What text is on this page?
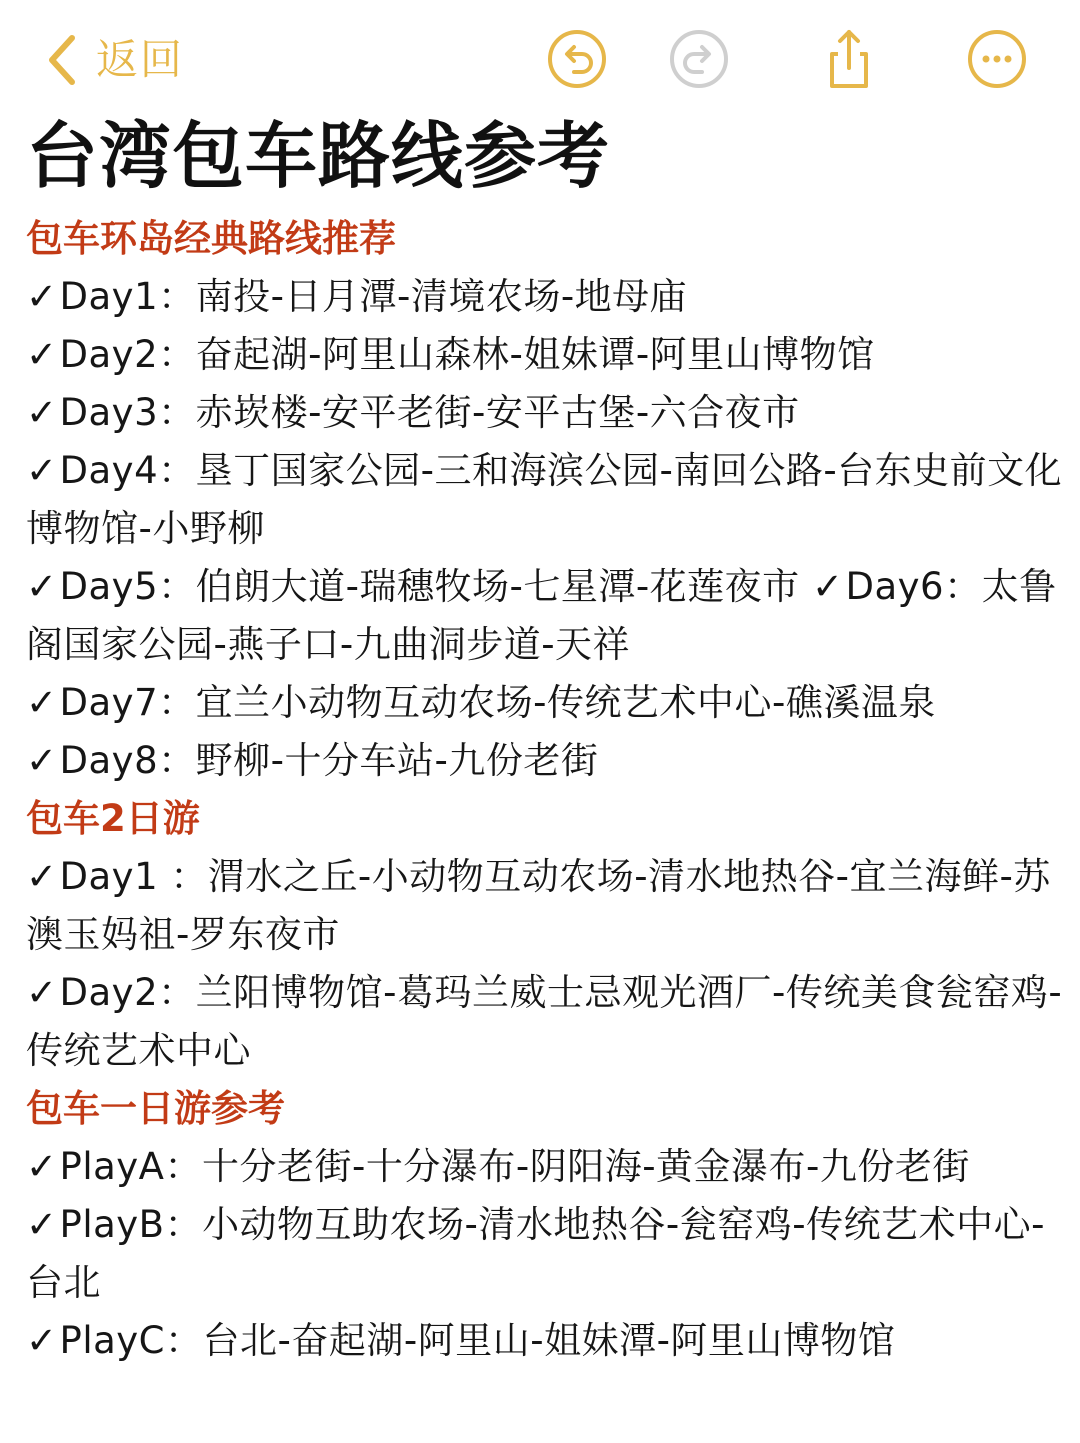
返回
台湾包车路线参考
包车环岛经典路线推荐
✓Day1：南投-日月潭-清境农场-地母庙
✓Day2：奋起湖-阿里山森林-姐妹谭-阿里山博物馆
✓Day3：赤崁楼-安平老街-安平古堡-六合夜市
✓Day4：垦丁国家公园-三和海滨公园-南回公路-台东史前文化博物馆-小野柳
✓Day5：伯朗大道-瑞穗牧场-七星潭-花莲夜市 ✓Day6：太鲁阁国家公园-燕子口-九曲洞步道-天祥
✓Day7：宜兰小动物互动农场-传统艺术中心-礁溪温泉
✓Day8：野柳-十分车站-九份老街
包车2日游
✓Day1 ：渭水之丘-小动物互动农场-清水地热谷-宜兰海鲜-苏澳玉妈祖-罗东夜市
✓Day2：兰阳博物馆-葛玛兰威士忌观光酒厂-传统美食瓮窑鸡-传统艺术中心
包车一日游参考
✓PlayA：十分老街-十分瀑布-阴阳海-黄金瀑布-九份老街
✓PlayB：小动物互助农场-清水地热谷-瓮窑鸡-传统艺术中心-台北
✓PlayC：台北-奋起湖-阿里山-姐妹潭-阿里山博物馆
